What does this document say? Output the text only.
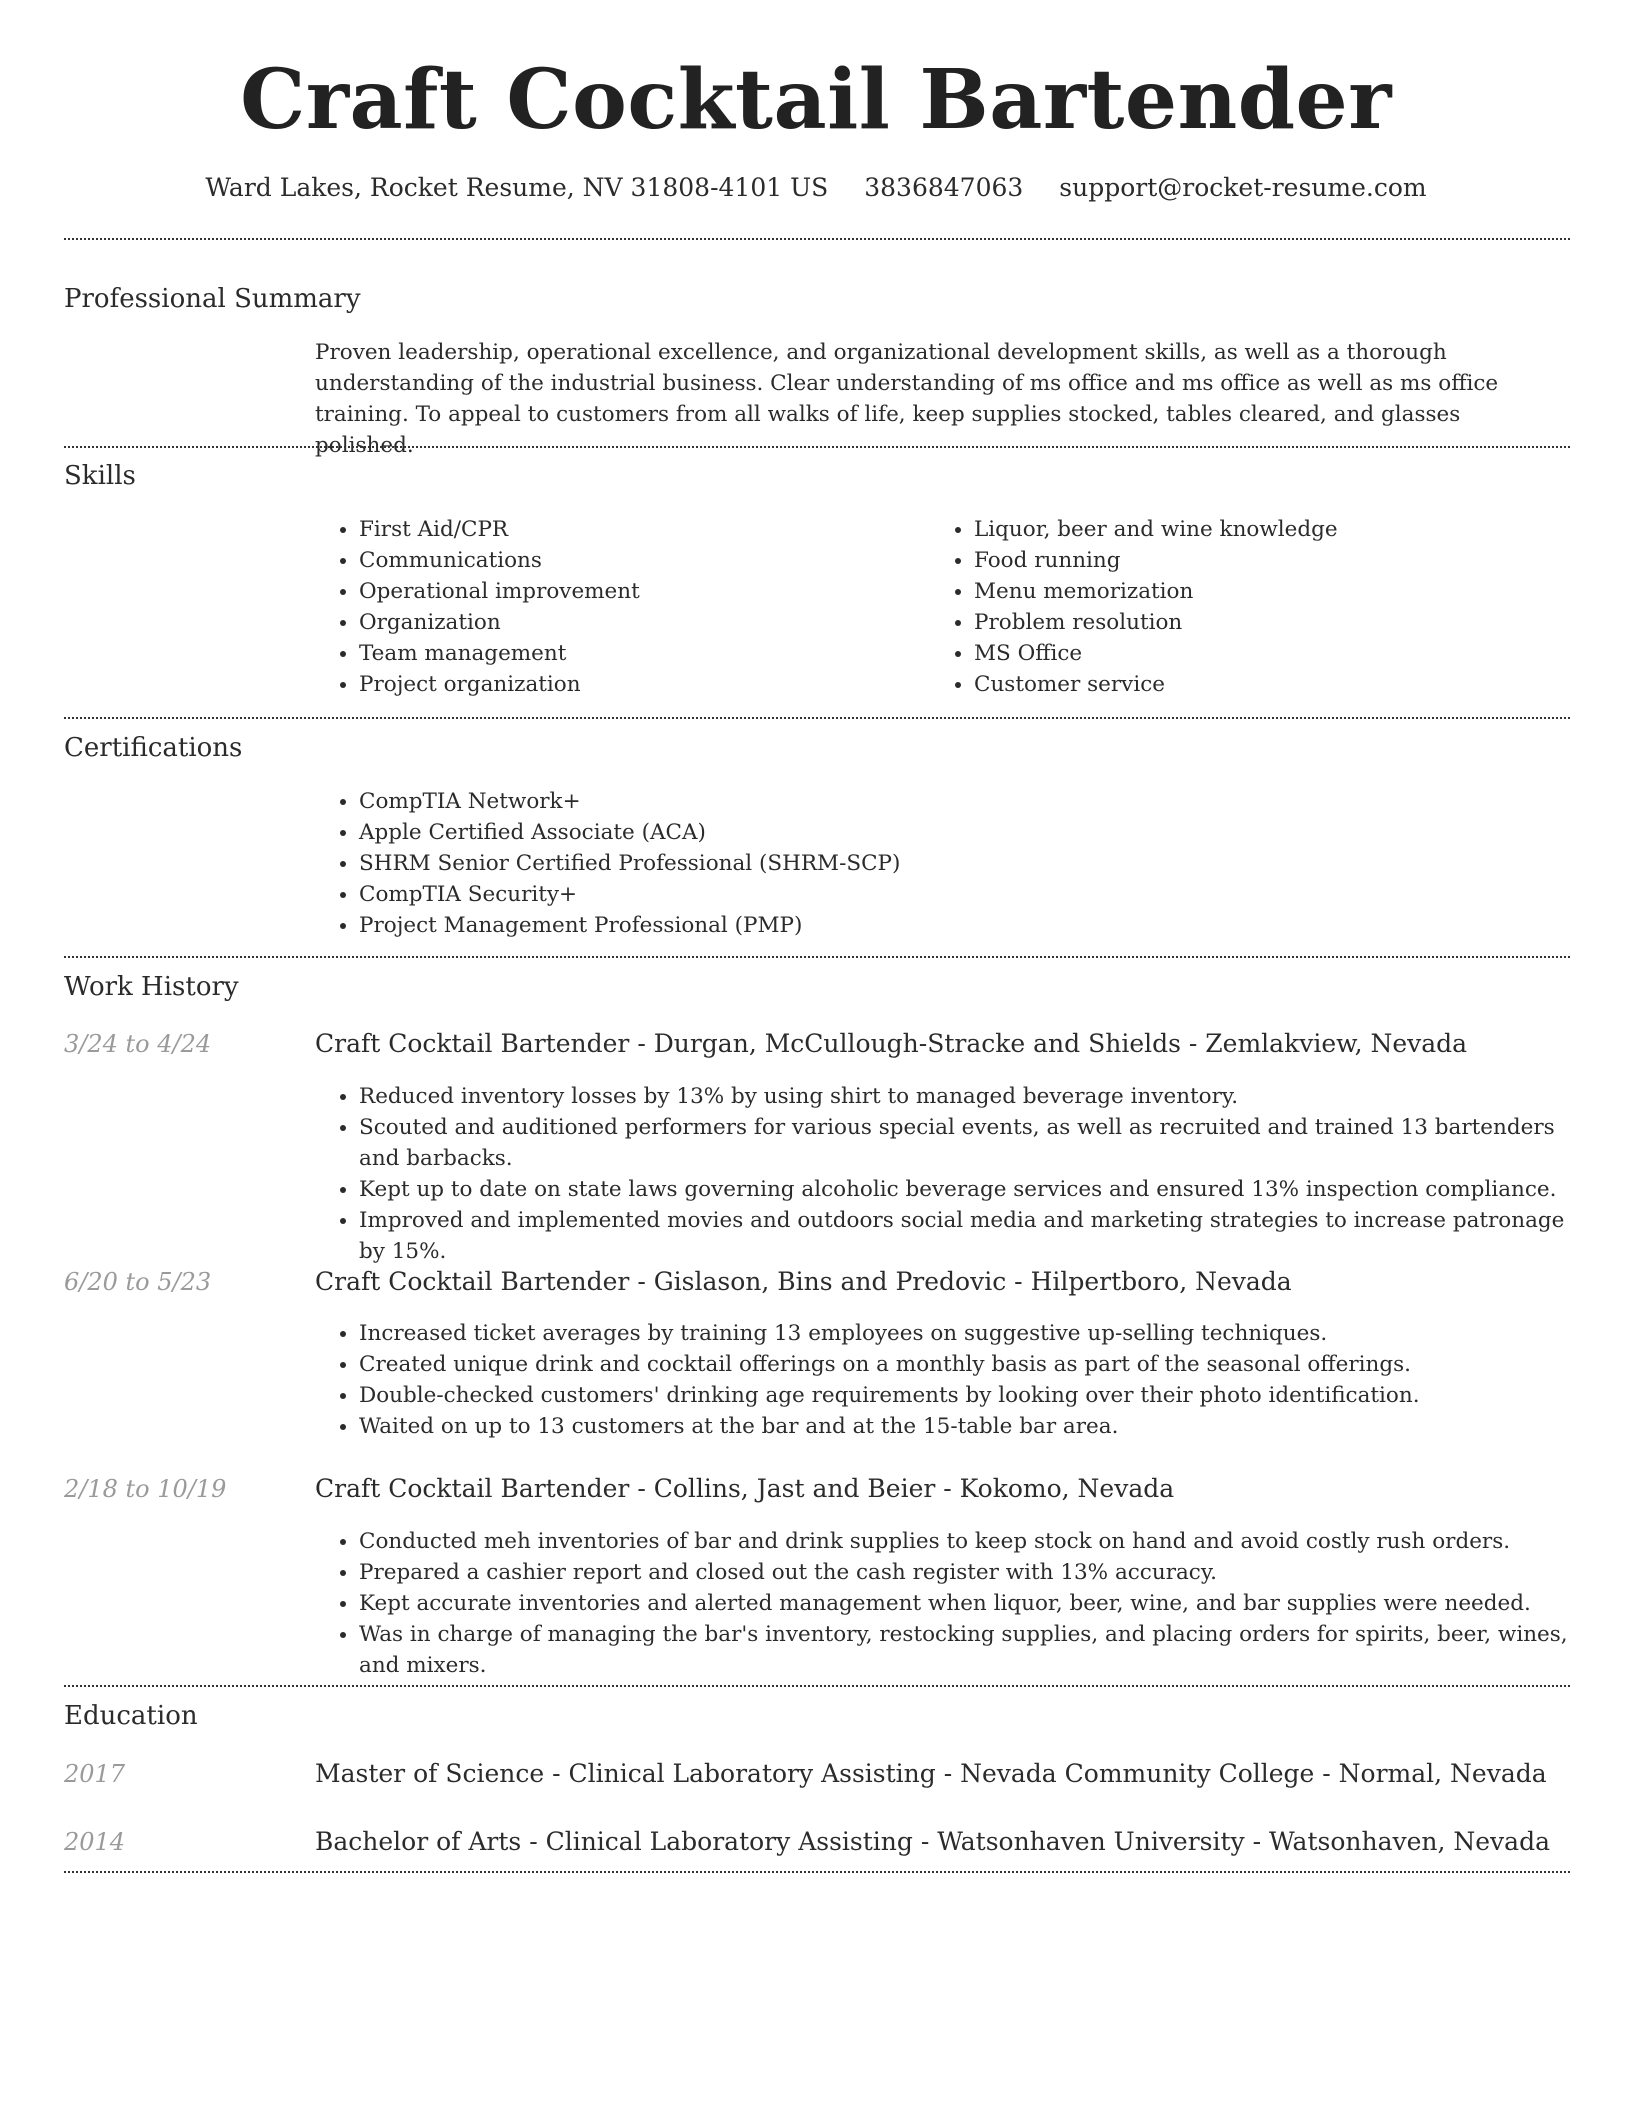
Craft Cocktail Bartender
Ward Lakes, Rocket Resume, NV 31808-4101 US 3836847063 support@rocket-resume.com
Professional Summary

Proven leadership, operational excellence, and organizational development skills, as well as a thorough understanding of the industrial business. Clear understanding of ms office and ms office as well as ms office training. To appeal to customers from all walks of life, keep supplies stocked, tables cleared, and glasses polished.

Skills
• First Aid/CPR
• Communications
• Operational improvement
• Organization
• Team management
• Project organization
• Liquor, beer and wine knowledge
• Food running
• Menu memorization
• Problem resolution
• MS Office
• Customer service
Certifications
• CompTIA Network+
• Apple Certified Associate (ACA)
• SHRM Senior Certified Professional (SHRM-SCP)
• CompTIA Security+
• Project Management Professional (PMP)
Work History
3/24 to 4/24	Craft Cocktail Bartender - Durgan, McCullough-Stracke and Shields - Zemlakview, Nevada
• Reduced inventory losses by 13% by using shirt to managed beverage inventory.
• Scouted and auditioned performers for various special events, as well as recruited and trained 13 bartenders and barbacks.
• Kept up to date on state laws governing alcoholic beverage services and ensured 13% inspection compliance.
• Improved and implemented movies and outdoors social media and marketing strategies to increase patronage by 15%.
6/20 to 5/23	Craft Cocktail Bartender - Gislason, Bins and Predovic - Hilpertboro, Nevada
• Increased ticket averages by training 13 employees on suggestive up-selling techniques.
• Created unique drink and cocktail offerings on a monthly basis as part of the seasonal offerings.
• Double-checked customers' drinking age requirements by looking over their photo identification.
• Waited on up to 13 customers at the bar and at the 15-table bar area.
2/18 to 10/19	Craft Cocktail Bartender - Collins, Jast and Beier - Kokomo, Nevada
• Conducted meh inventories of bar and drink supplies to keep stock on hand and avoid costly rush orders.
• Prepared a cashier report and closed out the cash register with 13% accuracy.
• Kept accurate inventories and alerted management when liquor, beer, wine, and bar supplies were needed.
• Was in charge of managing the bar's inventory, restocking supplies, and placing orders for spirits, beer, wines, and mixers.
Education
2017	Master of Science - Clinical Laboratory Assisting - Nevada Community College - Normal, Nevada
2014	Bachelor of Arts - Clinical Laboratory Assisting - Watsonhaven University - Watsonhaven, Nevada
